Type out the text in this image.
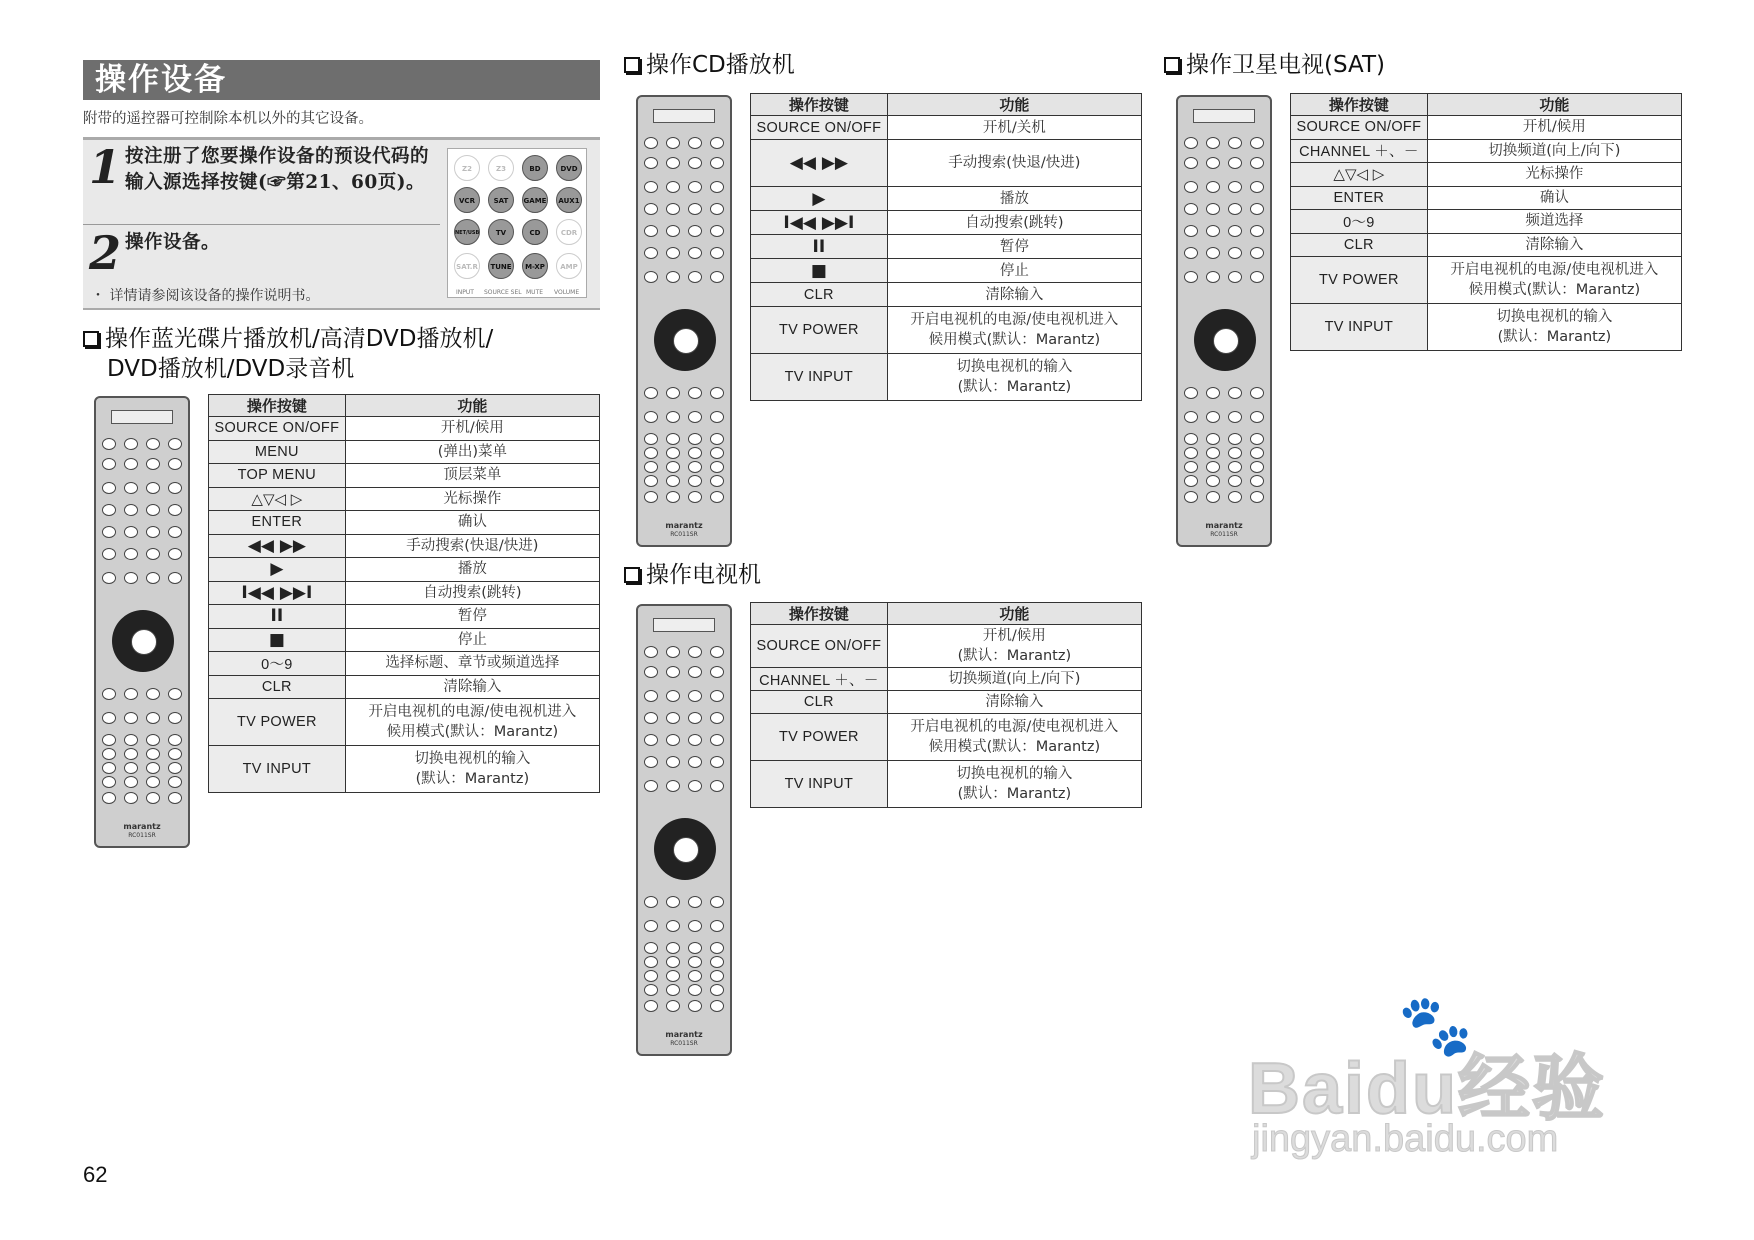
操作设备
附带的遥控器可控制除本机以外的其它设备。
1 按注册了您要操作设备的预设代码的输入源选择按键(☞第21、60页)。
2 操作设备。
・ 详情请参阅该设备的操作说明书。
Z2	Z3	BD	DVD
VCR	SAT	GAME	AUX1
NET/USB	TV	CD	CDR
SAT.R	TUNE	M-XP	AMP
INPUT SOURCE SEL MUTE VOLUME
操作蓝光碟片播放机/高清DVD播放机/
DVD播放机/DVD录音机
marantz
RC011SR
操作按键	功能
SOURCE ON/OFF	开机/候用
MENU	(弹出)菜单
TOP MENU	顶层菜单
△▽◁ ▷	光标操作
ENTER	确认
◀◀ ▶▶	手动搜索(快退/快进)
▶	播放
I◀◀ ▶▶I	自动搜索(跳转)
II	暂停
■	停止
0～9	选择标题、章节或频道选择
CLR	清除输入
TV POWER	开启电视机的电源/使电视机进入
候用模式(默认：Marantz)

TV INPUT	切换电视机的输入
(默认：Marantz)
操作CD播放机
marantz
RC011SR
操作按键	功能
SOURCE ON/OFF	开机/关机
◀◀ ▶▶	手动搜索(快退/快进)
▶	播放
I◀◀ ▶▶I	自动搜索(跳转)
II	暂停
■	停止
CLR	清除输入
TV POWER	开启电视机的电源/使电视机进入
候用模式(默认：Marantz)

TV INPUT	切换电视机的输入
(默认：Marantz)
操作电视机
marantz
RC011SR
操作按键	功能
SOURCE ON/OFF	开机/候用
(默认：Marantz)

CHANNEL ＋、－	切换频道(向上/向下)
CLR	清除输入
TV POWER	开启电视机的电源/使电视机进入
候用模式(默认：Marantz)

TV INPUT	切换电视机的输入
(默认：Marantz)
操作卫星电视(SAT)
marantz
RC011SR
操作按键	功能
SOURCE ON/OFF	开机/候用
CHANNEL ＋、－	切换频道(向上/向下)
△▽◁ ▷	光标操作
ENTER	确认
0～9	频道选择
CLR	清除输入
TV POWER	开启电视机的电源/使电视机进入
候用模式(默认：Marantz)

TV INPUT	切换电视机的输入
(默认：Marantz)
62
🐾
Baidu经验
jingyan.baidu.com
